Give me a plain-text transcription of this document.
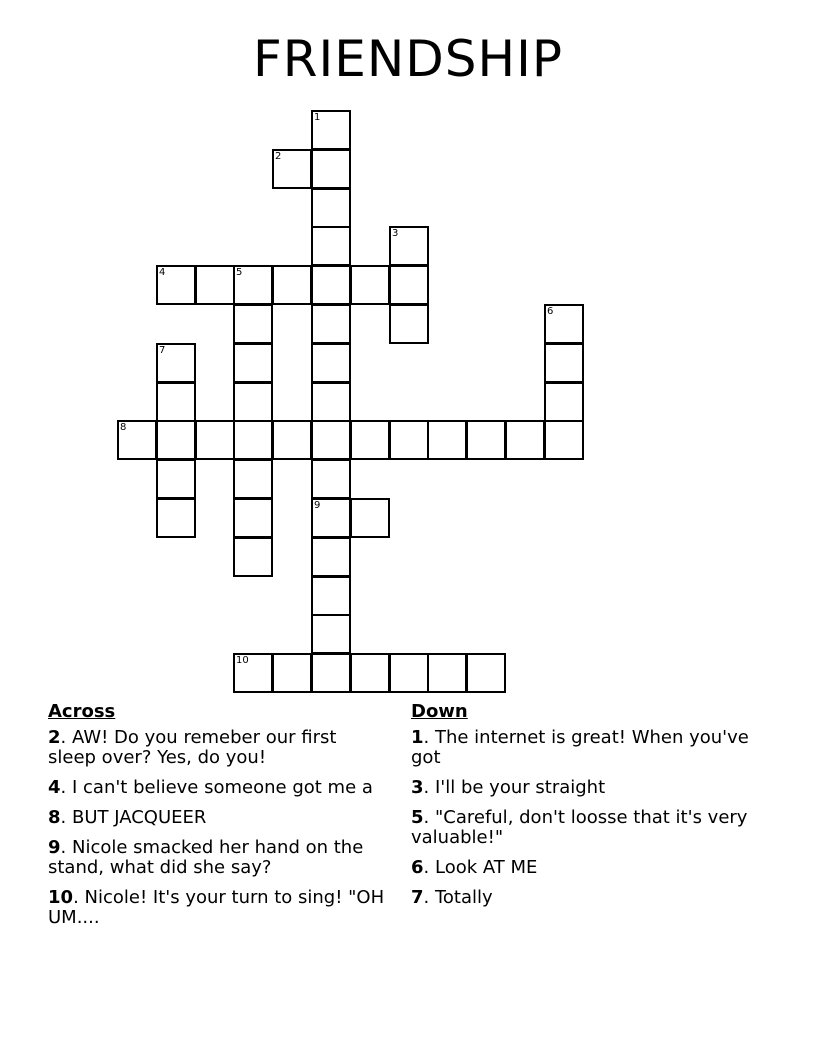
FRIENDSHIP
1
9
2
3
4	5
6
7
8
10
Across
2. AW! Do you remeber our first sleep over? Yes, do you!
4. I can't believe someone got me a
8. BUT JACQUEER
9. Nicole smacked her hand on the stand, what did she say?
10. Nicole! It's your turn to sing! "OH UM....
Down
1. The internet is great! When you've got
3. I'll be your straight
5. "Careful, don't loosse that it's very valuable!"
6. Look AT ME
7. Totally
